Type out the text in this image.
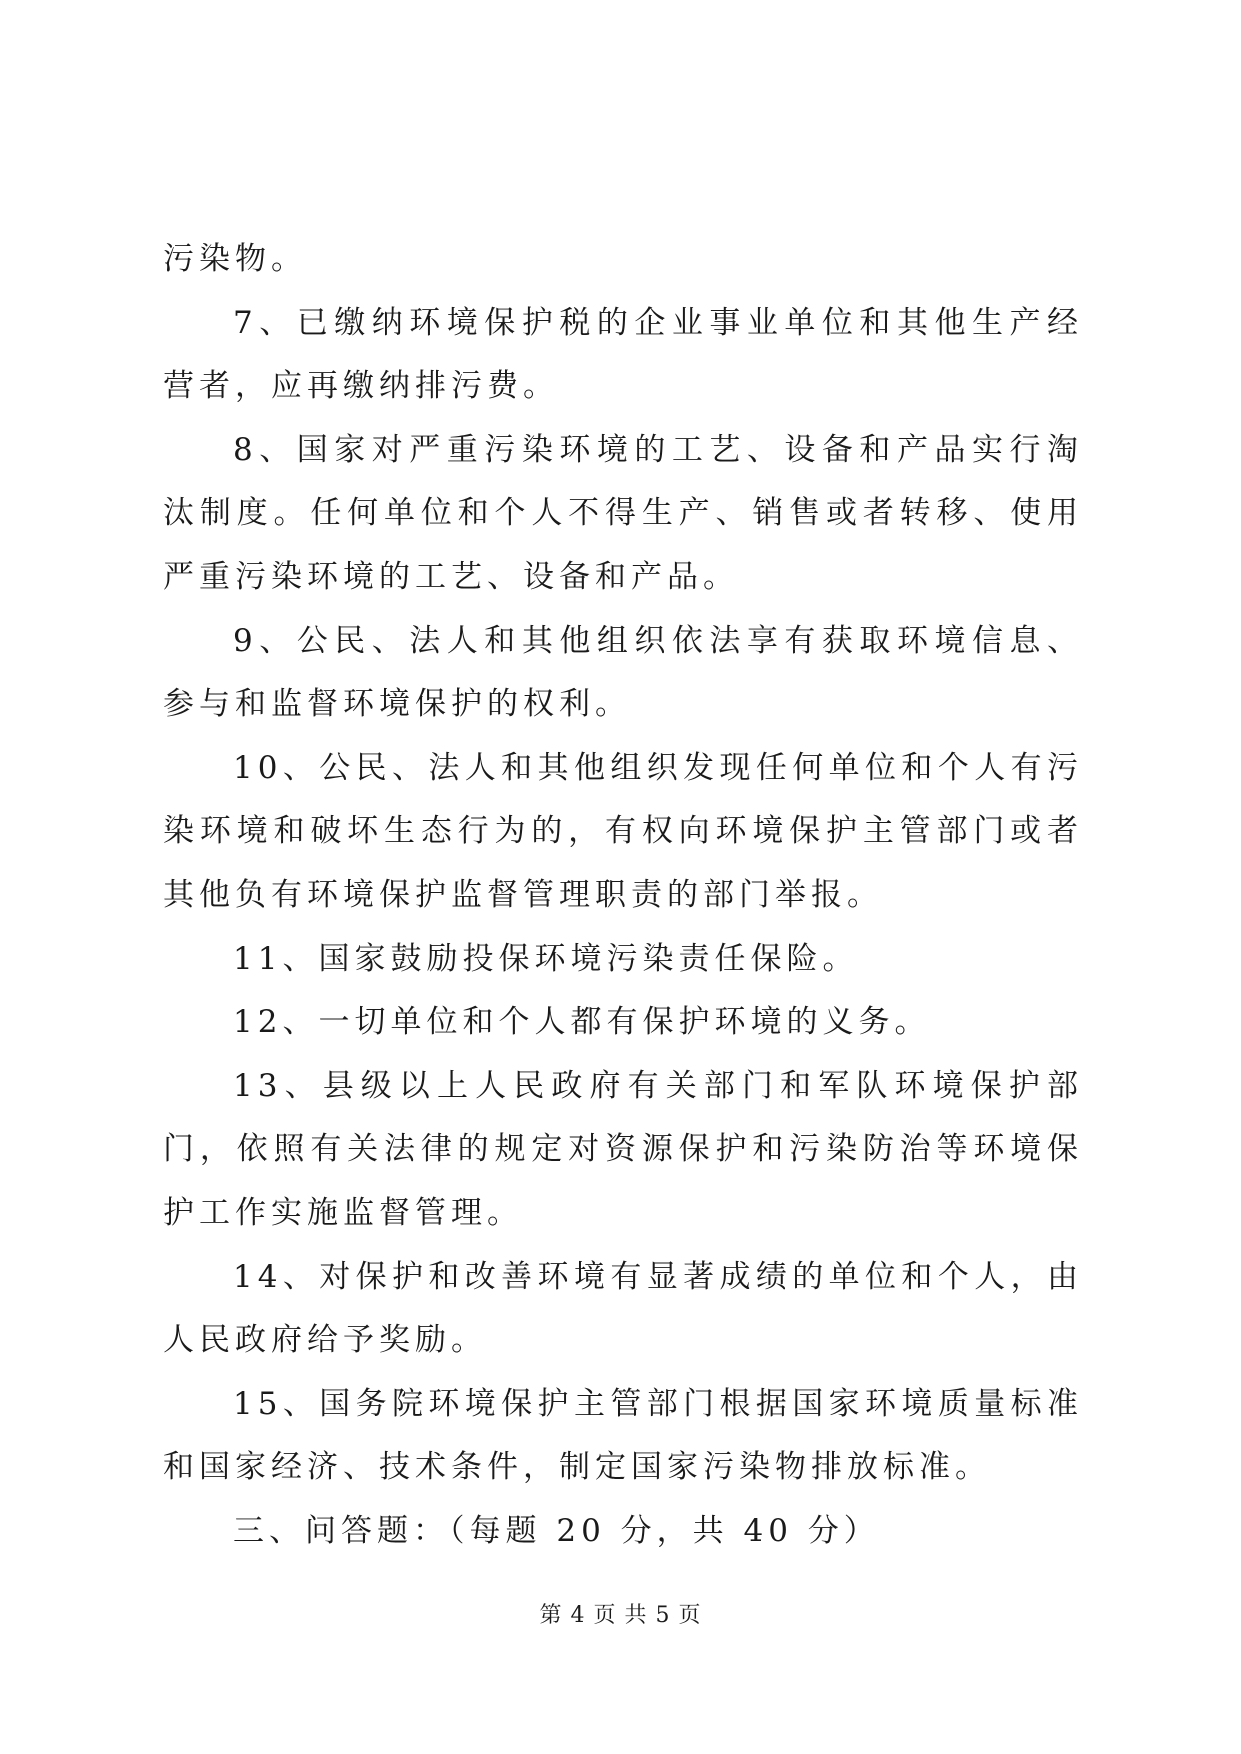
污染物。

7、已缴纳环境保护税的企业事业单位和其他生产经营者，应再缴纳排污费。

8、国家对严重污染环境的工艺、设备和产品实行淘汰制度。任何单位和个人不得生产、销售或者转移、使用严重污染环境的工艺、设备和产品。

9、公民、法人和其他组织依法享有获取环境信息、参与和监督环境保护的权利。

10、公民、法人和其他组织发现任何单位和个人有污染环境和破坏生态行为的，有权向环境保护主管部门或者其他负有环境保护监督管理职责的部门举报。

11、国家鼓励投保环境污染责任保险。

12、一切单位和个人都有保护环境的义务。

13、县级以上人民政府有关部门和军队环境保护部门，依照有关法律的规定对资源保护和污染防治等环境保护工作实施监督管理。

14、对保护和改善环境有显著成绩的单位和个人，由人民政府给予奖励。

15、国务院环境保护主管部门根据国家环境质量标准和国家经济、技术条件，制定国家污染物排放标准。

三、问答题：（每题 20 分，共 40 分）

第 4 页 共 5 页
